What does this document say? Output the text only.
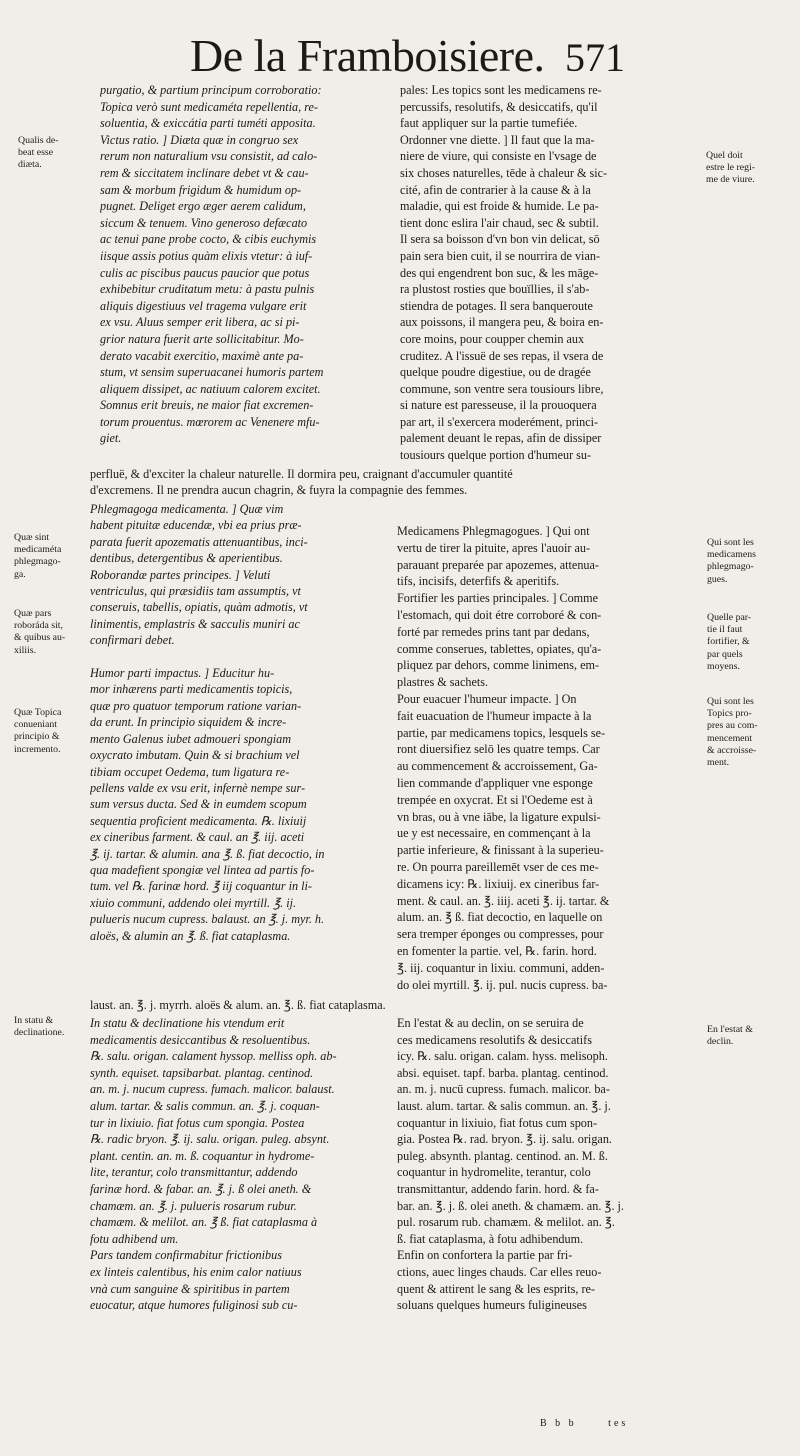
De la Framboisiere. 571
Qualis de-
beat esse
diæta.
Quæ sint
medicaméta
phlegmago-
ga.
Quæ pars
roboráda sit,
& quibus au-
xiliis.
Quæ Topica
conueniant
principio &
incremento.
In statu &
declinatione.
Quel doit
estre le regi-
me de viure.
Qui sont les
medicamens
phlegmago-
gues.
Quelle par-
tie il faut
fortifier, &
par quels
moyens.
Qui sont les
Topics pro-
pres au com-
mencement
& accroisse-
ment.
En l'estat &
declin.
purgatio, & partium principum corroboratio:
Topica verò sunt medicaméta repellentia, re-
soluentia, & exiccátia parti tuméti apposita.
Victus ratio. ] Diæta quæ in congruo sex
rerum non naturalium vsu consistit, ad calo-
rem & siccitatem inclinare debet vt & cau-
sam & morbum frigidum & humidum op-
pugnet. Deliget ergo æger aerem calidum,
siccum & tenuem. Vino generoso defæcato
ac tenui pane probe cocto, & cibis euchymis
iisque assis potius quàm elixis vtetur: à iuf-
culis ac piscibus paucus paucior que potus
exhibebitur cruditatum metu: à pastu pulnis
aliquis digestiuus vel tragema vulgare erit
ex vsu. Aluus semper erit libera, ac si pi-
grior natura fuerit arte sollicitabitur. Mo-
derato vacabit exercitio, maximè ante pa-
stum, vt sensim superuacanei humoris partem
aliquem dissipet, ac natiuum calorem excitet.
Somnus erit breuis, ne maior fiat excremen-
torum prouentus. mœrorem ac Venenere mfu-
giet.
pales: Les topics sont les medicamens re-
percussifs, resolutifs, & desiccatifs, qu'il
faut appliquer sur la partie tumefiée.
Ordonner vne diette. ] Il faut que la ma-
niere de viure, qui consiste en l'vsage de
six choses naturelles, tēde à chaleur & sic-
cité, afin de contrarier à la cause & à la
maladie, qui est froide & humide. Le pa-
tient donc eslira l'air chaud, sec & subtil.
Il sera sa boisson d'vn bon vin delicat, sō
pain sera bien cuit, il se nourrira de vian-
des qui engendrent bon suc, & les māge-
ra plustost rosties que bouïllies, il s'ab-
stiendra de potages. Il sera banqueroute
aux poissons, il mangera peu, & boira en-
core moins, pour coupper chemin aux
cruditez. A l'issuë de ses repas, il vsera de
quelque poudre digestiue, ou de dragée
commune, son ventre sera tousiours libre,
si nature est paresseuse, il la prouoquera
par art, il s'exercera moderément, princi-
palement deuant le repas, afin de dissiper
tousiours quelque portion d'humeur su-
perfluë, & d'exciter la chaleur naturelle. Il dormira peu, craignant d'accumuler quantité
d'excremens. Il ne prendra aucun chagrin, & fuyra la compagnie des femmes.
Phlegmagoga medicamenta. ] Quæ vim
habent pituitæ educendæ, vbi ea prius præ-
parata fuerit apozematis attenuantibus, inci-
dentibus, detergentibus & aperientibus.
Roborandæ partes principes. ] Veluti
ventriculus, qui præsidiis tam assumptis, vt
conseruis, tabellis, opiatis, quàm admotis, vt
linimentis, emplastris & sacculis muniri ac
confirmari debet.

Humor parti impactus. ] Educitur hu-
mor inhærens parti medicamentis topicis,
quæ pro quatuor temporum ratione varian-
da erunt. In principio siquidem & incre-
mento Galenus iubet admoueri spongiam
oxycrato imbutam. Quin & si brachium vel
tibiam occupet Oedema, tum ligatura re-
pellens valde ex vsu erit, infernè nempe sur-
sum versus ducta. Sed & in eumdem scopum
sequentia proficient medicamenta. ℞. lixiuij
ex cineribus farment. & caul. an ℥. iij. aceti
℥. ij. tartar. & alumin. ana ℥. ß. fiat decoctio, in
qua madefient spongiæ vel lintea ad partis fo-
tum. vel ℞. farinæ hord. ℥ iij coquantur in li-
xiuio communi, addendo olei myrtill. ℥. ij.
pulueris nucum cupress. balaust. an ℥. j. myr. h.
aloës, & alumin an ℥. ß. fiat cataplasma.
Medicamens Phlegmagogues. ] Qui ont
vertu de tirer la pituite, apres l'auoir au-
parauant preparée par apozemes, attenua-
tifs, incisifs, deterfifs & aperitifs.
Fortifier les parties principales. ] Comme
l'estomach, qui doit étre corroboré & con-
forté par remedes prins tant par dedans,
comme conserues, tablettes, opiates, qu'a-
pliquez par dehors, comme linimens, em-
plastres & sachets.
Pour euacuer l'humeur impacte. ] On
fait euacuation de l'humeur impacte à la
partie, par medicamens topics, lesquels se-
ront diuersifiez selō les quatre temps. Car
au commencement & accroissement, Ga-
lien commande d'appliquer vne esponge
trempée en oxycrat. Et si l'Oedeme est à
vn bras, ou à vne iābe, la ligature expulsi-
ue y est necessaire, en commençant à la
partie inferieure, & finissant à la superieu-
re. On pourra pareillemēt vser de ces me-
dicamens icy: ℞. lixiuij. ex cineribus far-
ment. & caul. an. ℥. iiij. aceti ℥. ij. tartar. &
alum. an. ℥ ß. fiat decoctio, en laquelle on
sera tremper éponges ou compresses, pour
en fomenter la partie. vel, ℞. farin. hord.
℥. iij. coquantur in lixiu. communi, adden-
do olei myrtill. ℥. ij. pul. nucis cupress. ba-
laust. an. ℥. j. myrrh. aloës & alum. an. ℥. ß. fiat cataplasma.
In statu & declinatione his vtendum erit
medicamentis desiccantibus & resoluentibus.
℞. salu. origan. calament hyssop. melliss oph. ab-
synth. equiset. tapsibarbat. plantag. centinod.
an. m. j. nucum cupress. fumach. malicor. balaust.
alum. tartar. & salis commun. an. ℥. j. coquan-
tur in lixiuio. fiat fotus cum spongia. Postea
℞. radic bryon. ℥. ij. salu. origan. puleg. absynt.
plant. centin. an. m. ß. coquantur in hydrome-
lite, terantur, colo transmittantur, addendo
farinæ hord. & fabar. an. ℥. j. ß olei aneth. &
chamæm. an. ℥. j. pulueris rosarum rubur.
chamæm. & melilot. an. ℥ ß. fiat cataplasma à
fotu adhibend um.
Pars tandem confirmabitur frictionibus
ex linteis calentibus, his enim calor natiuus
vnà cum sanguine & spiritibus in partem
euocatur, atque humores fuliginosi sub cu-
En l'estat & au declin, on se seruira de
ces medicamens resolutifs & desiccatifs
icy. ℞. salu. origan. calam. hyss. melisoph.
absi. equiset. tapf. barba. plantag. centinod.
an. m. j. nucū cupress. fumach. malicor. ba-
laust. alum. tartar. & salis commun. an. ℥. j.
coquantur in lixiuio, fiat fotus cum spon-
gia. Postea ℞. rad. bryon. ℥. ij. salu. origan.
puleg. absynth. plantag. centinod. an. M. ß.
coquantur in hydromelite, terantur, colo
transmittantur, addendo farin. hord. & fa-
bar. an. ℥. j. ß. olei aneth. & chamæm. an. ℥. j.
pul. rosarum rub. chamæm. & melilot. an. ℥.
ß. fiat cataplasma, à fotu adhibendum.
Enfin on confortera la partie par fri-
ctions, auec linges chauds. Car elles reuo-
quent & attirent le sang & les esprits, re-
soluans quelques humeurs fuligineuses
B b b	tes
